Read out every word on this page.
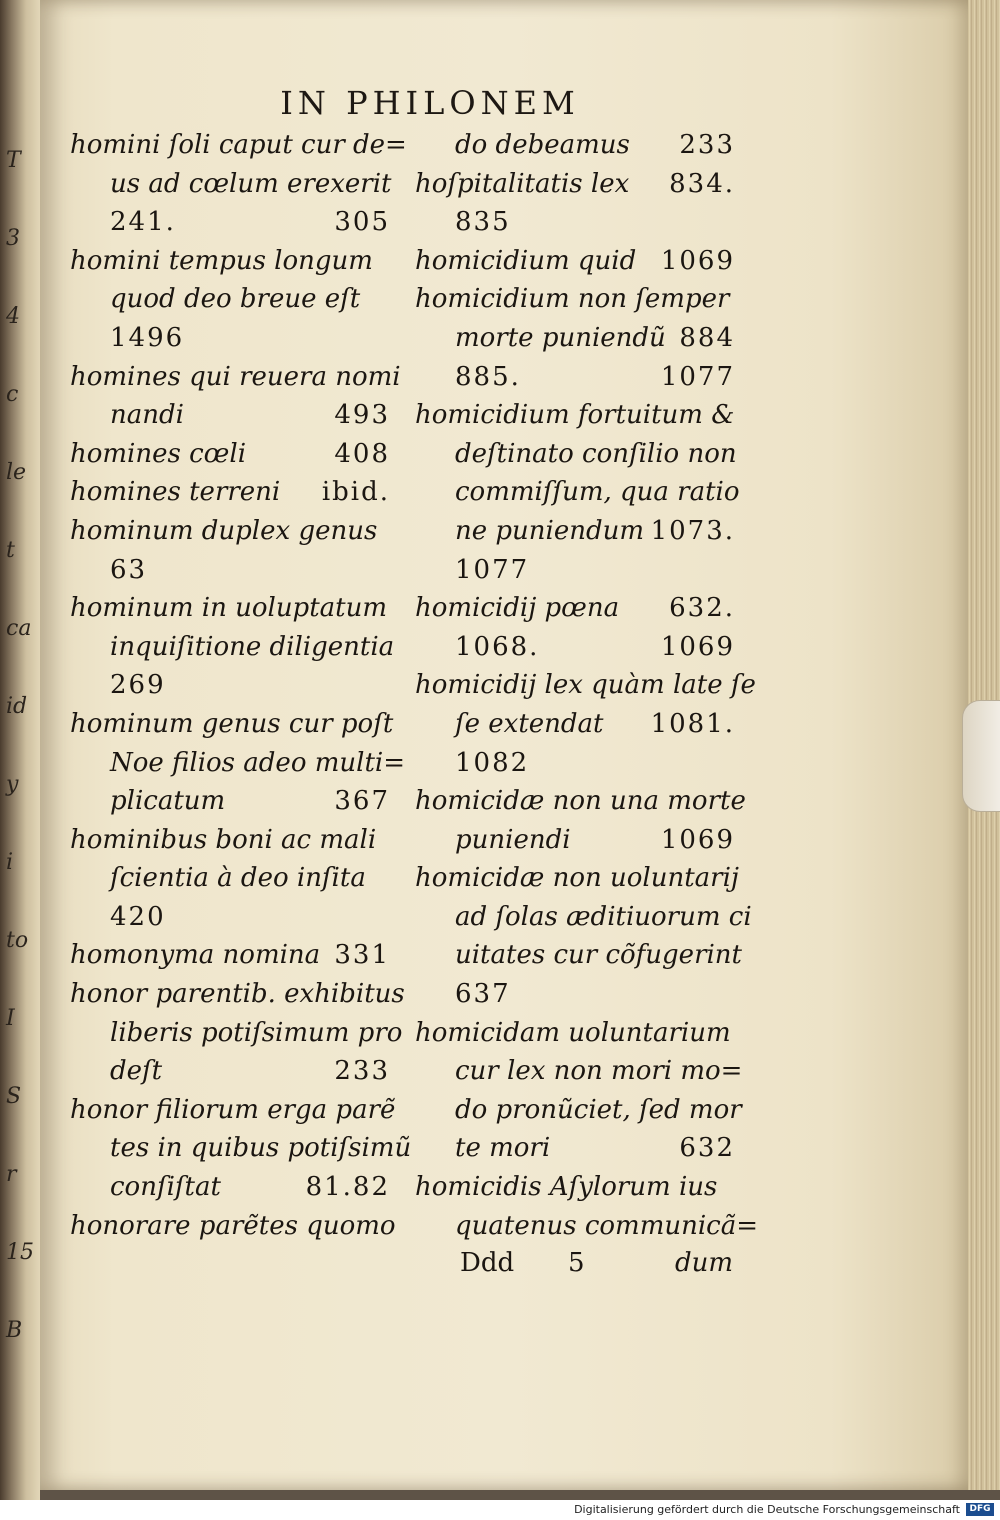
T
3
4
c
le
t
ca
id
y
i
to
I
S
r
15
B
IN PHILONEM
homini ſoli caput cur de=
us ad cœlum erexerit
241.	305
homini tempus longum
quod deo breue eſt
1496
homines qui reuera nomi
nandi	493
homines cœli	408
homines terreni ibid.
hominum duplex genus
63
hominum in uoluptatum
inquiſitione diligentia
269
hominum genus cur poſt
Noe filios adeo multi=
plicatum	367
hominibus boni ac mali
ſcientia à deo inſita
420
homonyma nomina 331
honor parentib. exhibitus
liberis potiſsimum pro
deſt	233
honor filiorum erga parẽ
tes in quibus potiſsimũ
conſiſtat	81.82
honorare parẽtes quomo
do debeamus 233
hoſpitalitatis lex 834.
835
homicidium quid 1069
homicidium non ſemper
morte puniendũ 884
885.	1077
homicidium fortuitum &
deſtinato conſilio non
commiſſum, qua ratio
ne puniendum 1073.
1077
homicidij pœna 632.
1068.	1069
homicidij lex quàm late ſe
ſe extendat 1081.
1082
homicidæ non una morte
puniendi	1069
homicidæ non uoluntarij
ad ſolas æditiuorum ci
uitates cur cõfugerint
637
homicidam uoluntarium
cur lex non mori mo=
do pronũciet, ſed mor
te mori	632
homicidis Aſylorum ius
quatenus communicã=
Ddd 5	dum
Digitalisierung gefördert durch die Deutsche Forschungsgemeinschaft	DFG
